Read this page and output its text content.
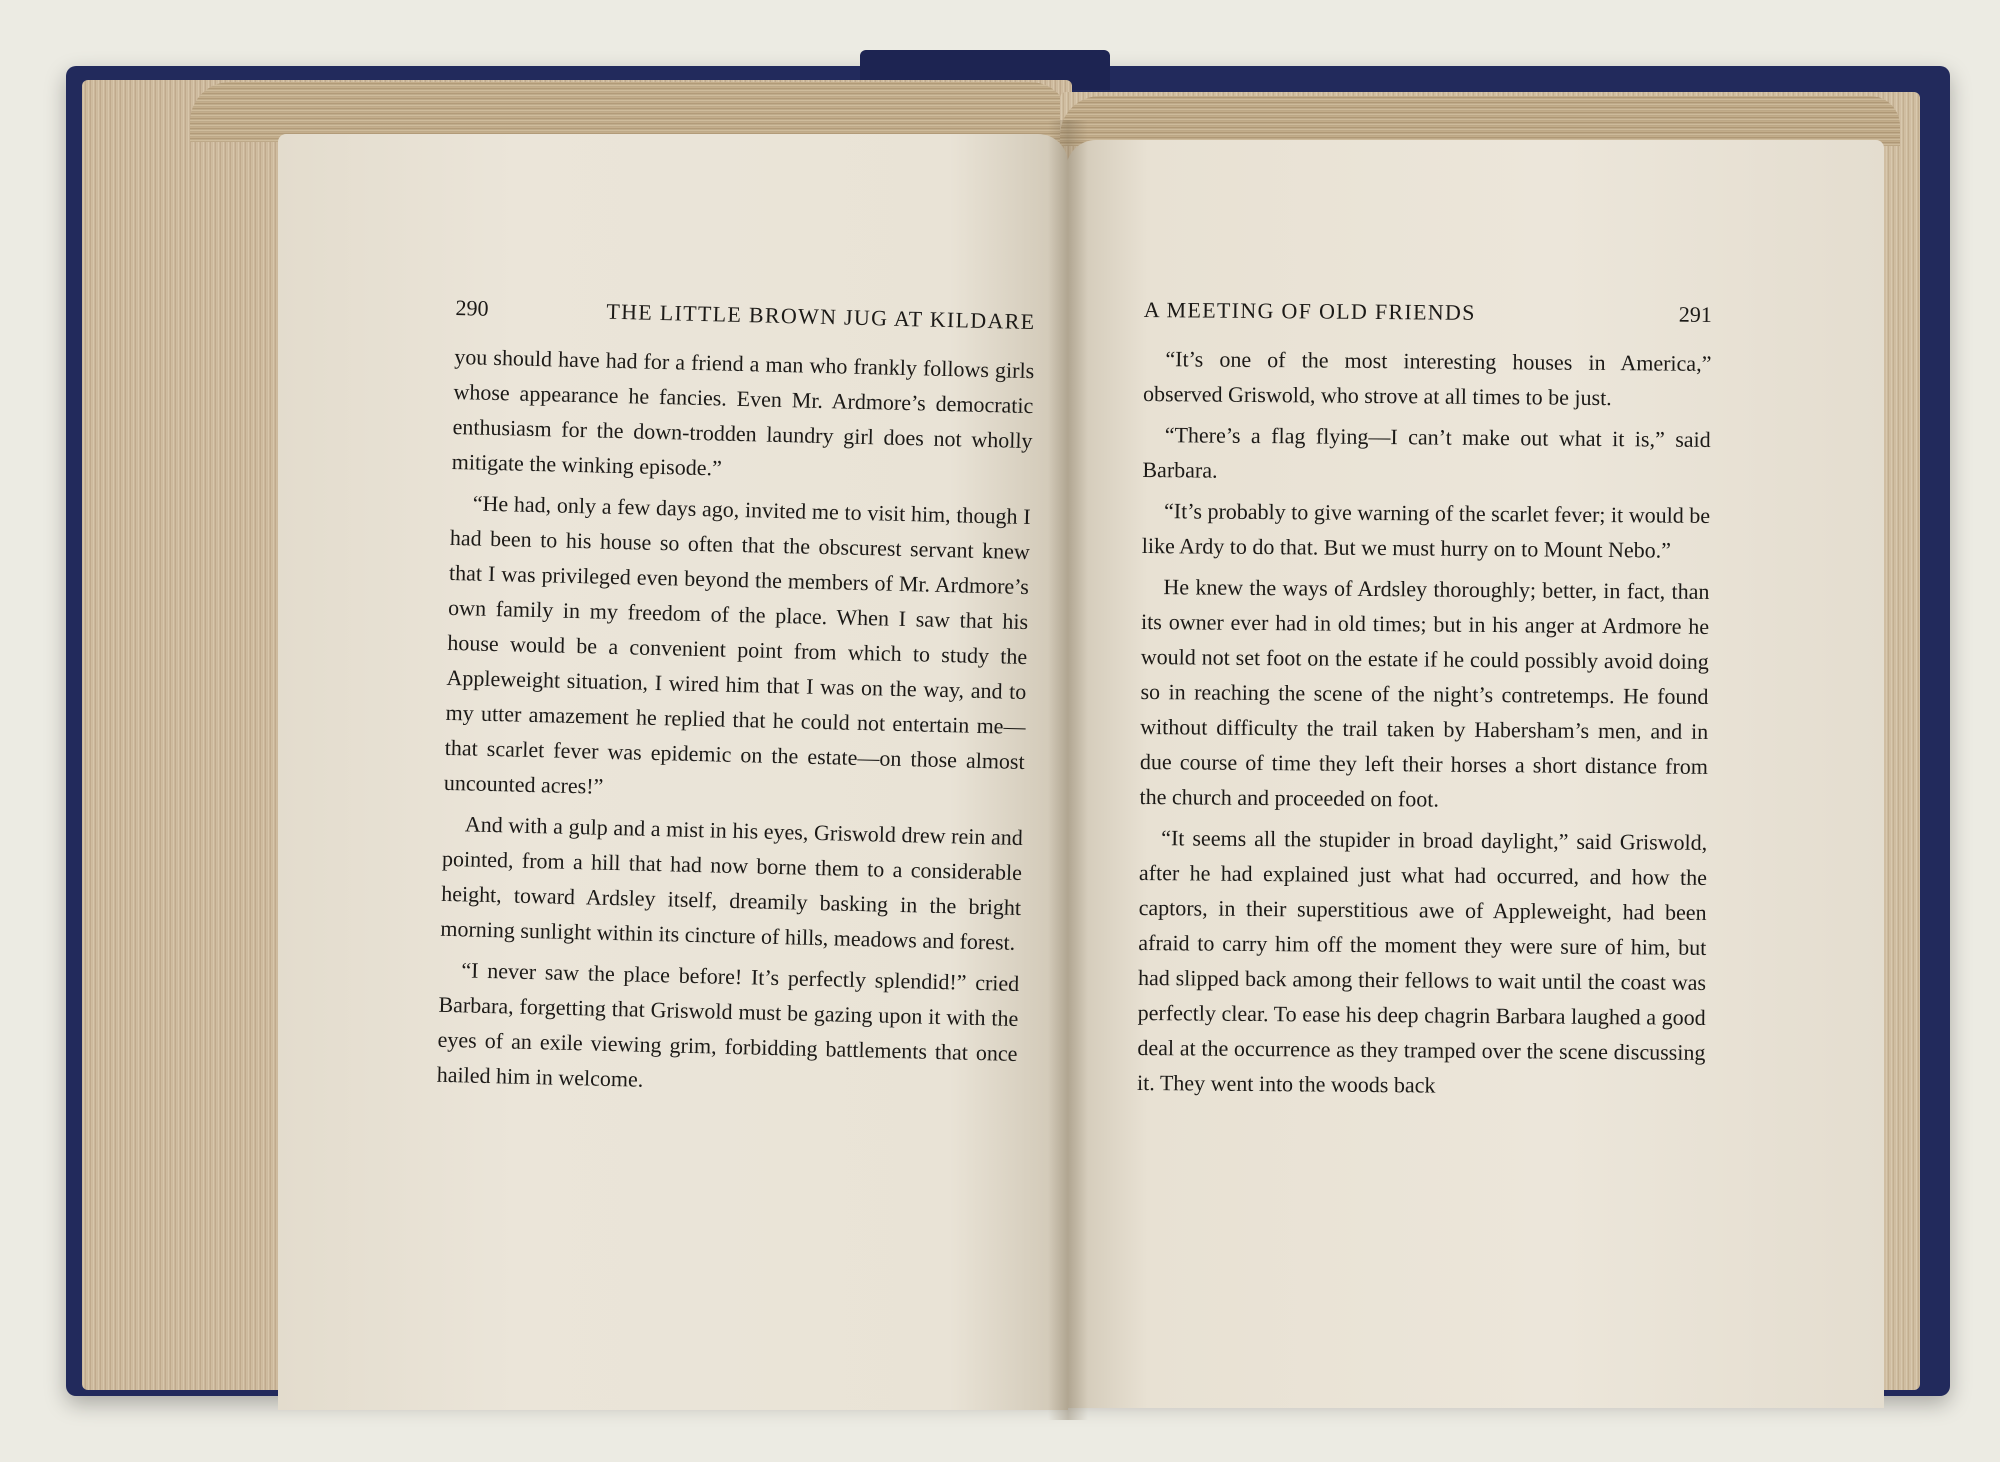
290	THE LITTLE BROWN JUG AT KILDARE

you should have had for a friend a man who frankly follows girls whose appearance he fancies. Even Mr. Ardmore’s democratic enthusiasm for the down-trodden laundry girl does not wholly mitigate the winking episode.”

“He had, only a few days ago, invited me to visit him, though I had been to his house so often that the obscurest servant knew that I was privileged even beyond the members of Mr. Ardmore’s own family in my freedom of the place. When I saw that his house would be a convenient point from which to study the Appleweight situation, I wired him that I was on the way, and to my utter amazement he replied that he could not entertain me—that scarlet fever was epidemic on the estate—on those almost uncounted acres!”

And with a gulp and a mist in his eyes, Griswold drew rein and pointed, from a hill that had now borne them to a considerable height, toward Ardsley itself, dreamily basking in the bright morning sunlight within its cincture of hills, meadows and forest.

“I never saw the place before! It’s perfectly splendid!” cried Barbara, forgetting that Griswold must be gazing upon it with the eyes of an exile viewing grim, forbidding battlements that once hailed him in welcome.

A MEETING OF OLD FRIENDS	291

“It’s one of the most interesting houses in America,” observed Griswold, who strove at all times to be just.

“There’s a flag flying—I can’t make out what it is,” said Barbara.

“It’s probably to give warning of the scarlet fever; it would be like Ardy to do that. But we must hurry on to Mount Nebo.”

He knew the ways of Ardsley thoroughly; better, in fact, than its owner ever had in old times; but in his anger at Ardmore he would not set foot on the estate if he could possibly avoid doing so in reaching the scene of the night’s contretemps. He found without difficulty the trail taken by Habersham’s men, and in due course of time they left their horses a short distance from the church and proceeded on foot.

“It seems all the stupider in broad daylight,” said Griswold, after he had explained just what had occurred, and how the captors, in their superstitious awe of Appleweight, had been afraid to carry him off the moment they were sure of him, but had slipped back among their fellows to wait until the coast was perfectly clear. To ease his deep chagrin Barbara laughed a good deal at the occurrence as they tramped over the scene discussing it. They went into the woods back
